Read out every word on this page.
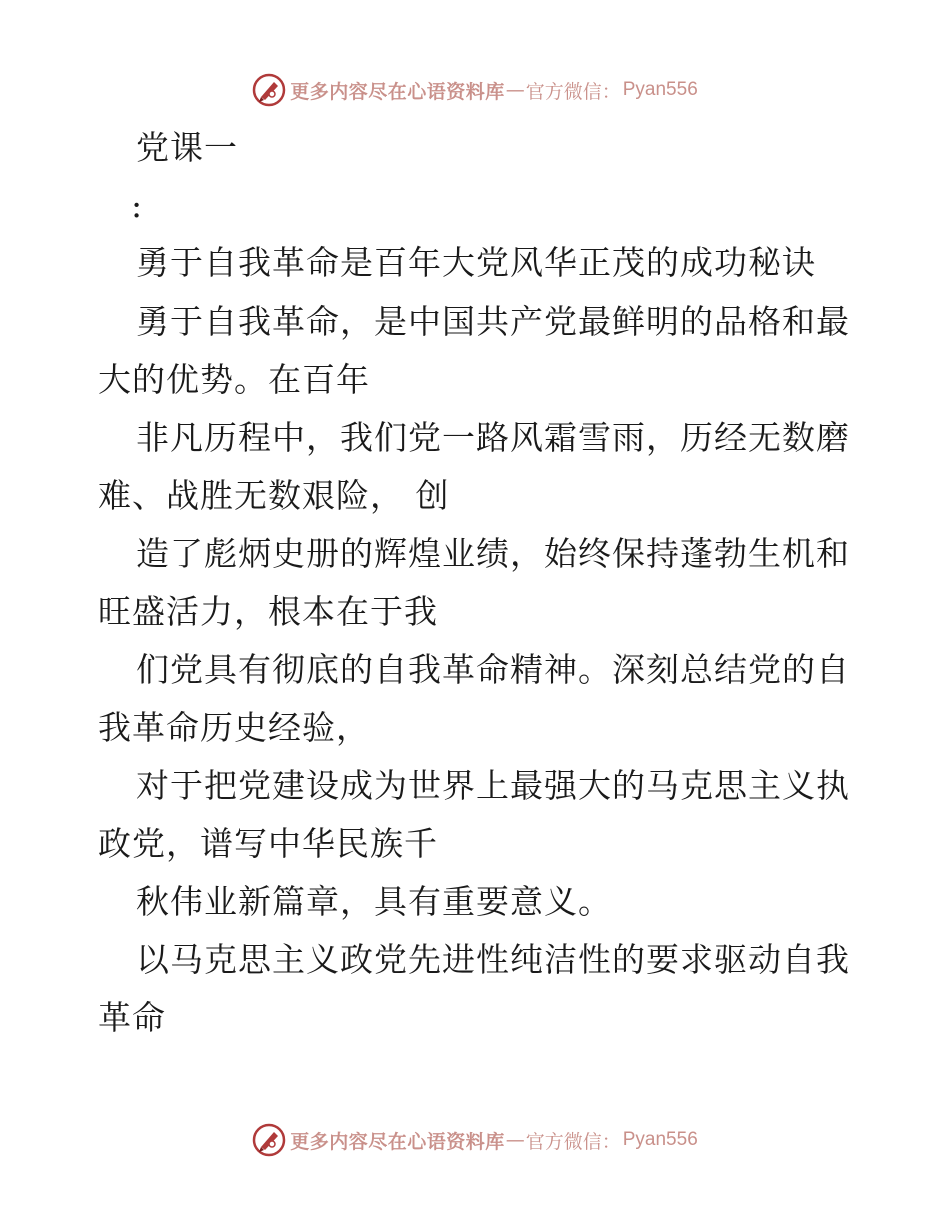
更多内容尽在心语资料库 — 官方微信： Pyan556
党课一
:
勇于自我革命是百年大党风华正茂的成功秘诀
勇于自我革命，是中国共产党最鲜明的品格和最
大的优势。在百年
非凡历程中，我们党一路风霜雪雨，历经无数磨
难、战胜无数艰险， 创
造了彪炳史册的辉煌业绩，始终保持蓬勃生机和
旺盛活力，根本在于我
们党具有彻底的自我革命精神。深刻总结党的自
我革命历史经验，
对于把党建设成为世界上最强大的马克思主义执
政党，谱写中华民族千
秋伟业新篇章，具有重要意义。
以马克思主义政党先进性纯洁性的要求驱动自我
革命
更多内容尽在心语资料库 — 官方微信： Pyan556
